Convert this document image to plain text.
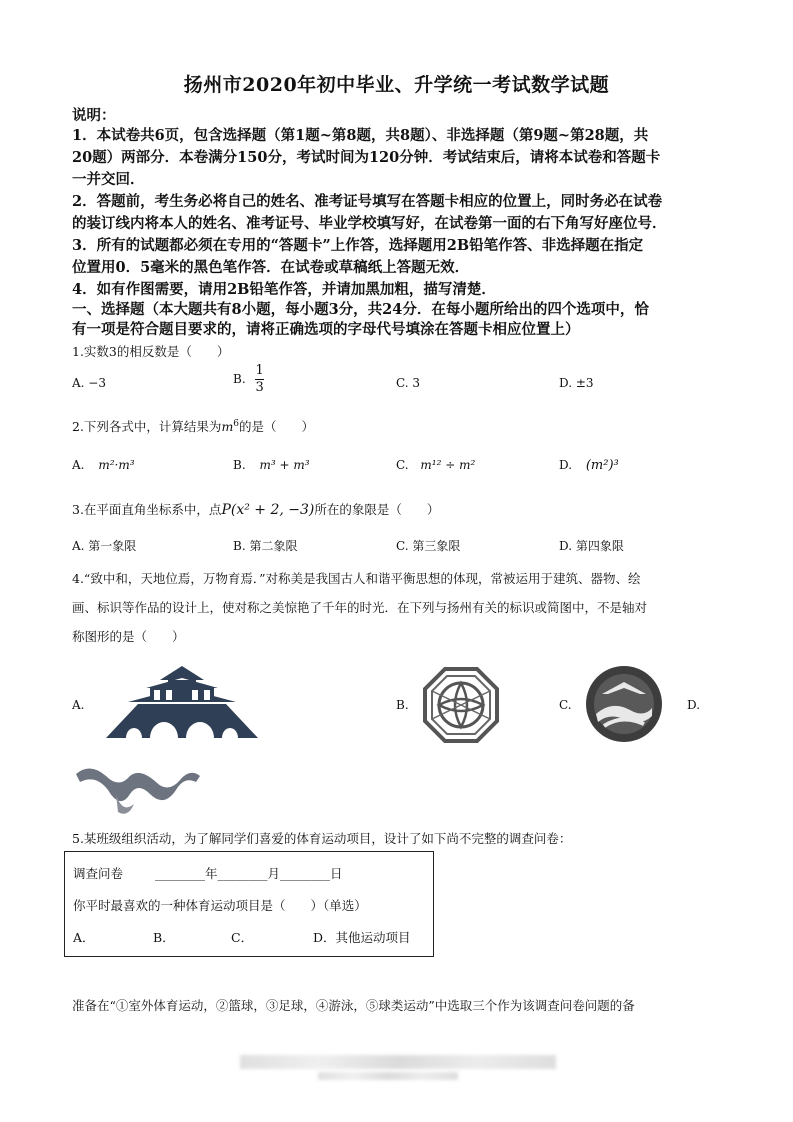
扬州市2020年初中毕业、升学统一考试数学试题
说明：
1．本试卷共6页，包含选择题（第1题~第8题，共8题）、非选择题（第9题~第28题，共
20题）两部分．本卷满分150分，考试时间为120分钟．考试结束后，请将本试卷和答题卡
一并交回．
2．答题前，考生务必将自己的姓名、准考证号填写在答题卡相应的位置上，同时务必在试卷
的装订线内将本人的姓名、准考证号、毕业学校填写好，在试卷第一面的右下角写好座位号．
3．所有的试题都必须在专用的“答题卡”上作答，选择题用2B铅笔作答、非选择题在指定
位置用0．5毫米的黑色笔作答．在试卷或草稿纸上答题无效．
4．如有作图需要，请用2B铅笔作答，并请加黑加粗，描写清楚．
一、选择题（本大题共有8小题，每小题3分，共24分．在每小题所给出的四个选项中，恰
有一项是符合题目要求的，请将正确选项的字母代号填涂在答题卡相应位置上）
1.实数3的相反数是（　　）
A. −3	B. $\frac{1}{3}$	C. 3	D. ±3
2.下列各式中，计算结果为$m^6$的是（　　）
A. m²·m³	B. m³ + m³	C. m¹² ÷ m²	D. (m²)³
3.在平面直角坐标系中，点P(x² + 2, −3)所在的象限是（　　）
A. 第一象限	B. 第二象限	C. 第三象限	D. 第四象限
4.“致中和，天地位焉，万物育焉．”对称美是我国古人和谐平衡思想的体现，常被运用于建筑、器物、绘
画、标识等作品的设计上，使对称之美惊艳了千年的时光．在下列与扬州有关的标识或简图中，不是轴对
称图形的是（　　）
A.	B.	C.	D.
5.某班级组织活动，为了解同学们喜爱的体育运动项目，设计了如下尚不完整的调查问卷：
调查问卷	________年________月________日
你平时最喜欢的一种体育运动项目是（　　）（单选）
A．	B．	C．	D．其他运动项目
准备在“①室外体育运动，②篮球，③足球，④游泳，⑤球类运动”中选取三个作为该调查问卷问题的备
